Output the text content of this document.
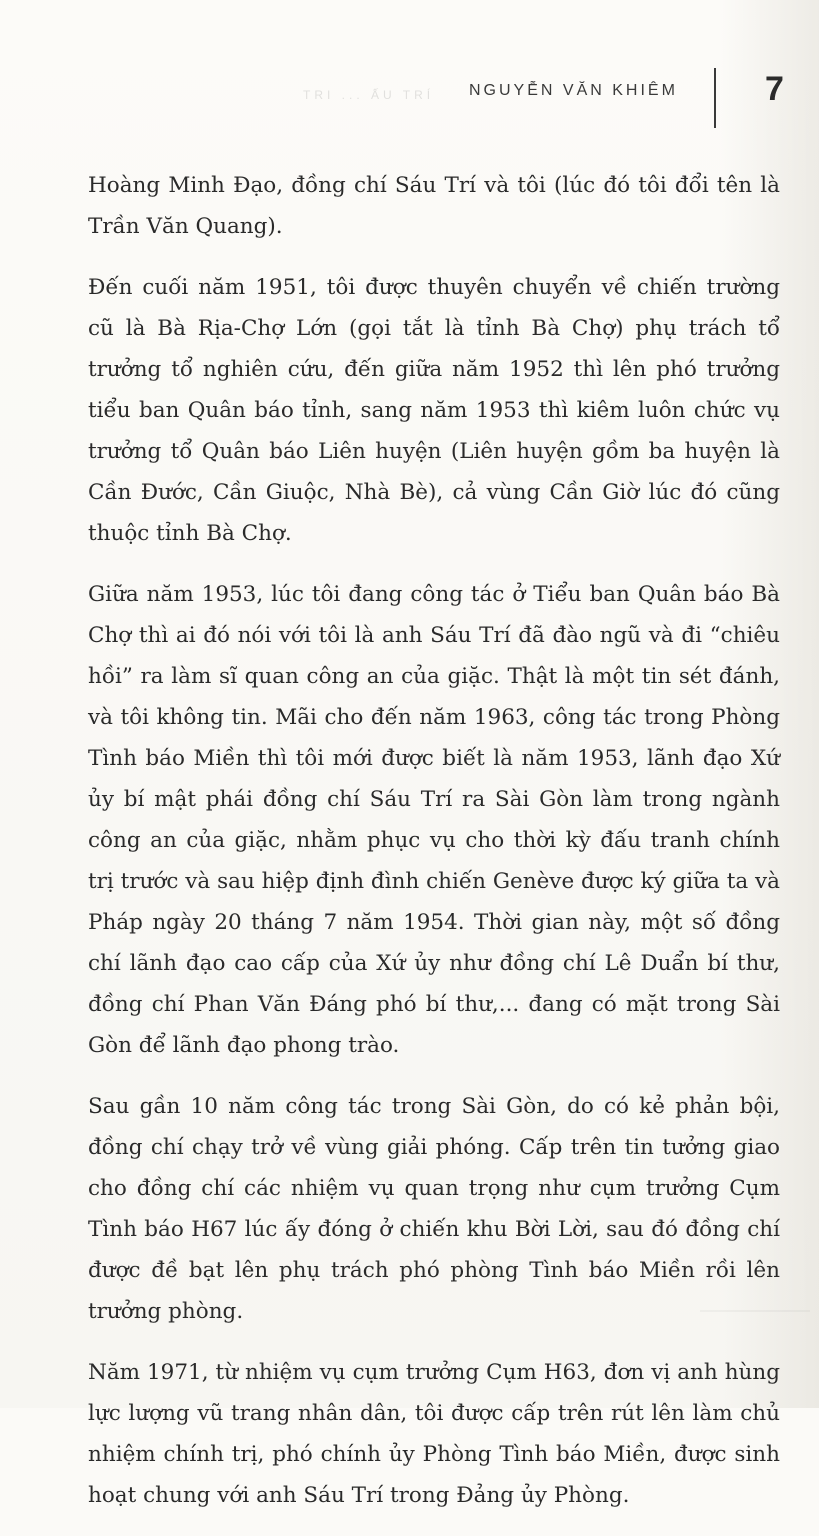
TRI ... ẤU TRÍ NGUYỄN VĂN KHIÊM	7

Hoàng Minh Đạo, đồng chí Sáu Trí và tôi (lúc đó tôi đổi tên là Trần Văn Quang).

Đến cuối năm 1951, tôi được thuyên chuyển về chiến trường cũ là Bà Rịa-Chợ Lớn (gọi tắt là tỉnh Bà Chợ) phụ trách tổ trưởng tổ nghiên cứu, đến giữa năm 1952 thì lên phó trưởng tiểu ban Quân báo tỉnh, sang năm 1953 thì kiêm luôn chức vụ trưởng tổ Quân báo Liên huyện (Liên huyện gồm ba huyện là Cần Đước, Cần Giuộc, Nhà Bè), cả vùng Cần Giờ lúc đó cũng thuộc tỉnh Bà Chợ.

Giữa năm 1953, lúc tôi đang công tác ở Tiểu ban Quân báo Bà Chợ thì ai đó nói với tôi là anh Sáu Trí đã đào ngũ và đi “chiêu hồi” ra làm sĩ quan công an của giặc. Thật là một tin sét đánh, và tôi không tin. Mãi cho đến năm 1963, công tác trong Phòng Tình báo Miền thì tôi mới được biết là năm 1953, lãnh đạo Xứ ủy bí mật phái đồng chí Sáu Trí ra Sài Gòn làm trong ngành công an của giặc, nhằm phục vụ cho thời kỳ đấu tranh chính trị trước và sau hiệp định đình chiến Genève được ký giữa ta và Pháp ngày 20 tháng 7 năm 1954. Thời gian này, một số đồng chí lãnh đạo cao cấp của Xứ ủy như đồng chí Lê Duẩn bí thư, đồng chí Phan Văn Đáng phó bí thư,... đang có mặt trong Sài Gòn để lãnh đạo phong trào.

Sau gần 10 năm công tác trong Sài Gòn, do có kẻ phản bội, đồng chí chạy trở về vùng giải phóng. Cấp trên tin tưởng giao cho đồng chí các nhiệm vụ quan trọng như cụm trưởng Cụm Tình báo H67 lúc ấy đóng ở chiến khu Bời Lời, sau đó đồng chí được đề bạt lên phụ trách phó phòng Tình báo Miền rồi lên trưởng phòng.

Năm 1971, từ nhiệm vụ cụm trưởng Cụm H63, đơn vị anh hùng lực lượng vũ trang nhân dân, tôi được cấp trên rút lên làm chủ nhiệm chính trị, phó chính ủy Phòng Tình báo Miền, được sinh hoạt chung với anh Sáu Trí trong Đảng ủy Phòng.
